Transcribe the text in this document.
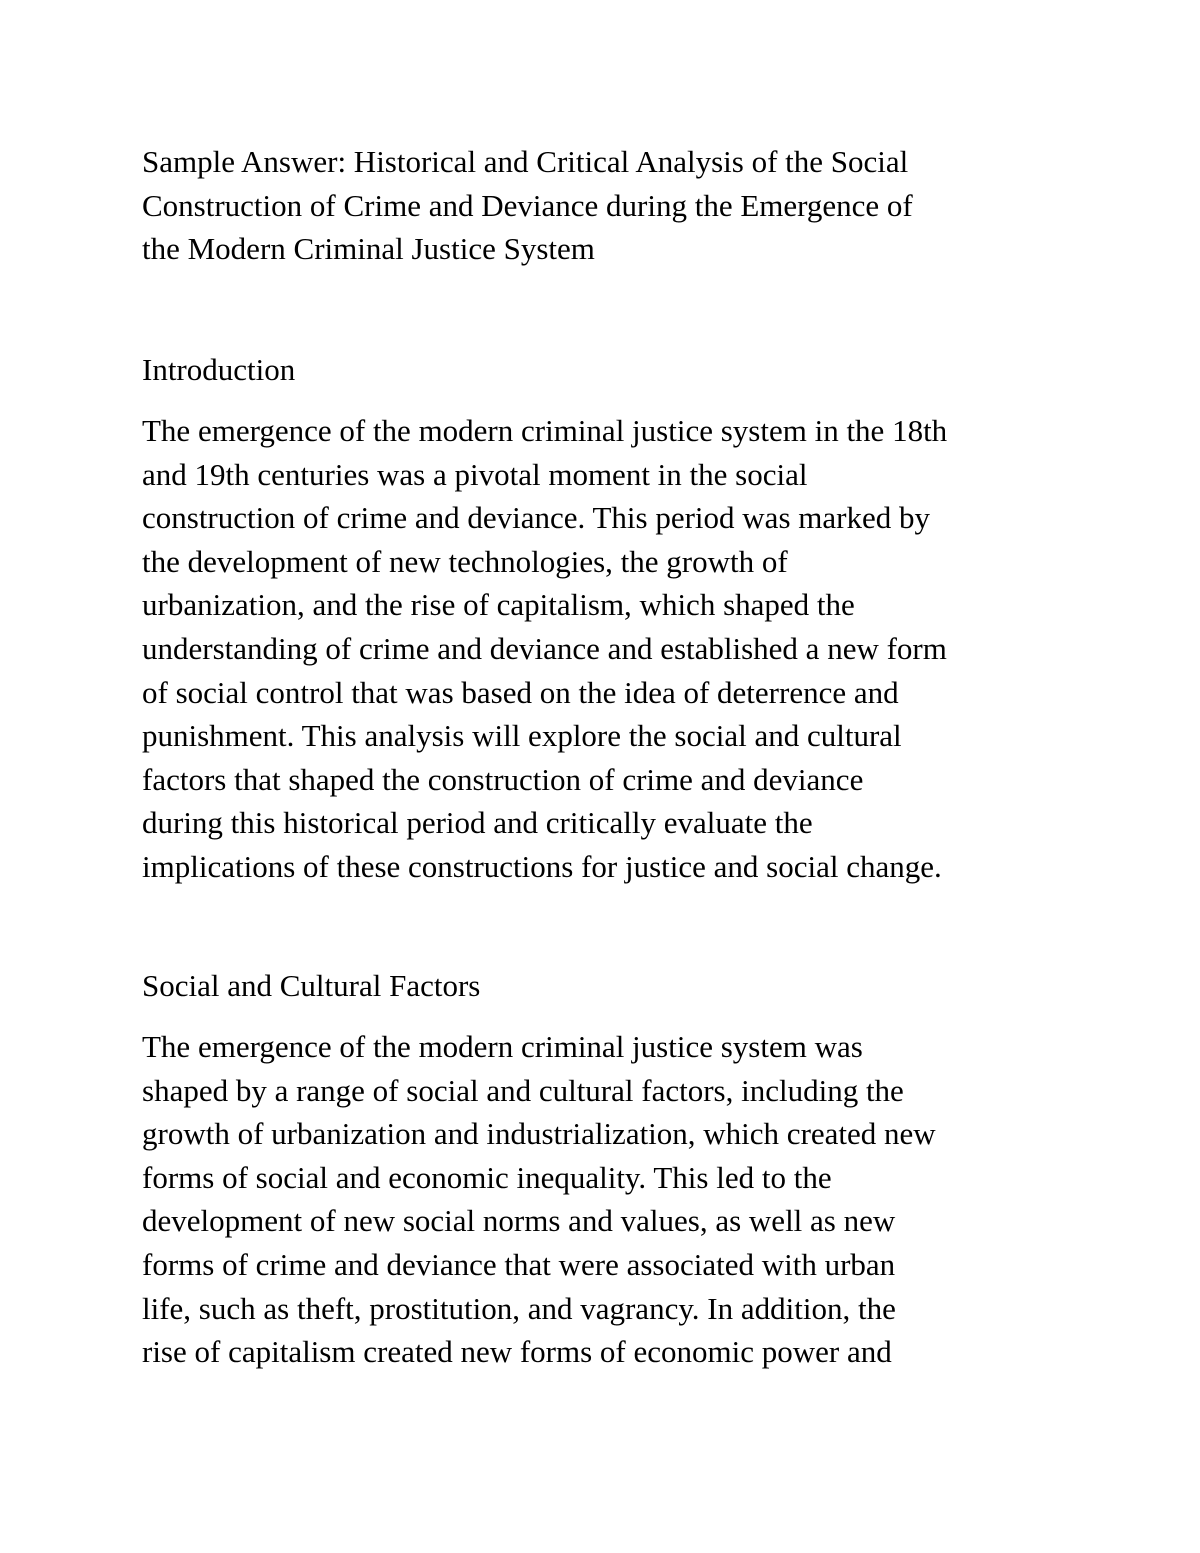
Sample Answer: Historical and Critical Analysis of the Social
Construction of Crime and Deviance during the Emergence of
the Modern Criminal Justice System
Introduction
The emergence of the modern criminal justice system in the 18th
and 19th centuries was a pivotal moment in the social
construction of crime and deviance. This period was marked by
the development of new technologies, the growth of
urbanization, and the rise of capitalism, which shaped the
understanding of crime and deviance and established a new form
of social control that was based on the idea of deterrence and
punishment. This analysis will explore the social and cultural
factors that shaped the construction of crime and deviance
during this historical period and critically evaluate the
implications of these constructions for justice and social change.
Social and Cultural Factors
The emergence of the modern criminal justice system was
shaped by a range of social and cultural factors, including the
growth of urbanization and industrialization, which created new
forms of social and economic inequality. This led to the
development of new social norms and values, as well as new
forms of crime and deviance that were associated with urban
life, such as theft, prostitution, and vagrancy. In addition, the
rise of capitalism created new forms of economic power and
